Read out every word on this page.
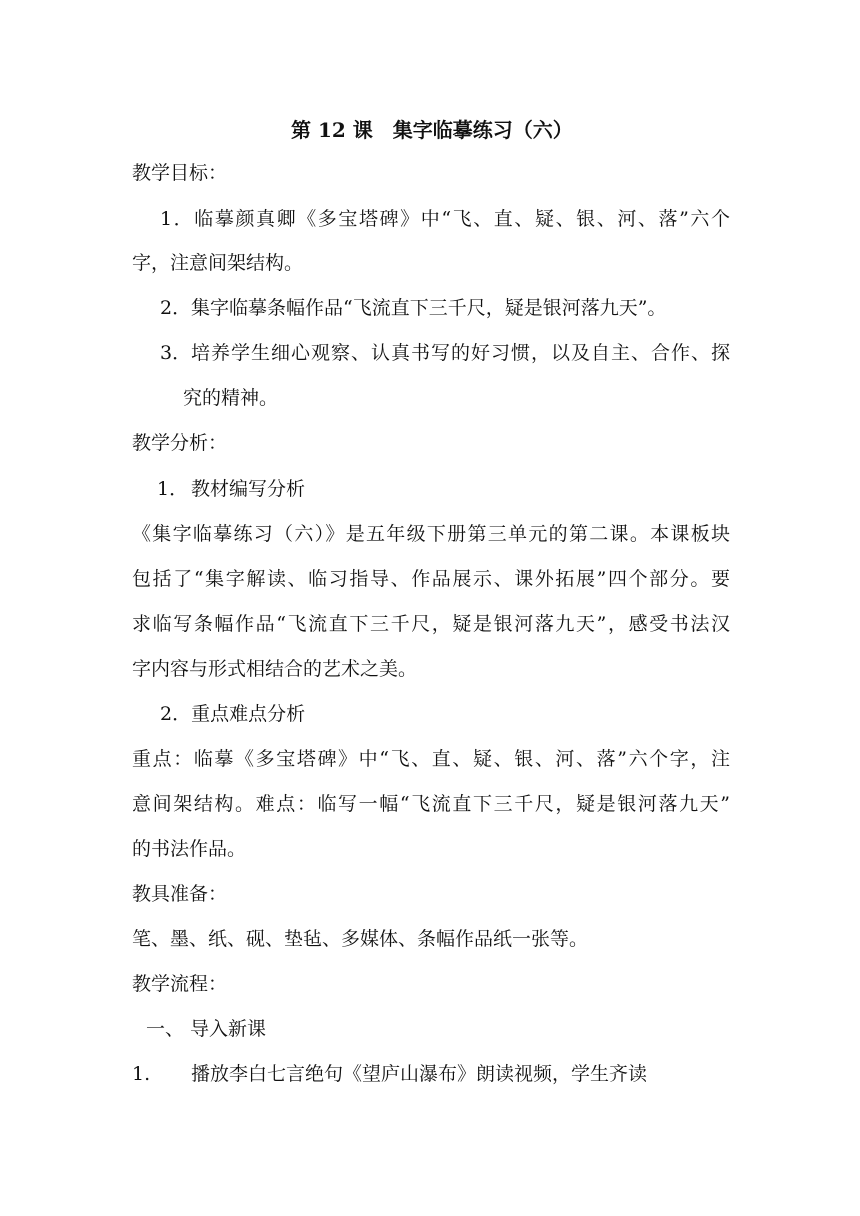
第 12 课　集字临摹练习（六）
教学目标：
1．临摹颜真卿《多宝塔碑》中“飞、直、疑、银、河、落”六个
字，注意间架结构。
2． 集字临摹条幅作品“飞流直下三千尺，疑是银河落九天”。
3． 培养学生细心观察、认真书写的好习惯，以及自主、合作、探
究的精神。
教学分析：
1． 教材编写分析
《集字临摹练习（六）》是五年级下册第三单元的第二课。本课板块
包括了“集字解读、临习指导、作品展示、课外拓展”四个部分。要
求临写条幅作品“飞流直下三千尺，疑是银河落九天”，感受书法汉
字内容与形式相结合的艺术之美。
2．重点难点分析
重点：临摹《多宝塔碑》中“飞、直、疑、银、河、落”六个字，注
意间架结构。难点：临写一幅“飞流直下三千尺，疑是银河落九天”
的书法作品。
教具准备：
笔、墨、纸、砚、垫毡、多媒体、条幅作品纸一张等。
教学流程：
一、 导入新课
1. 播放李白七言绝句《望庐山瀑布》朗读视频，学生齐读
